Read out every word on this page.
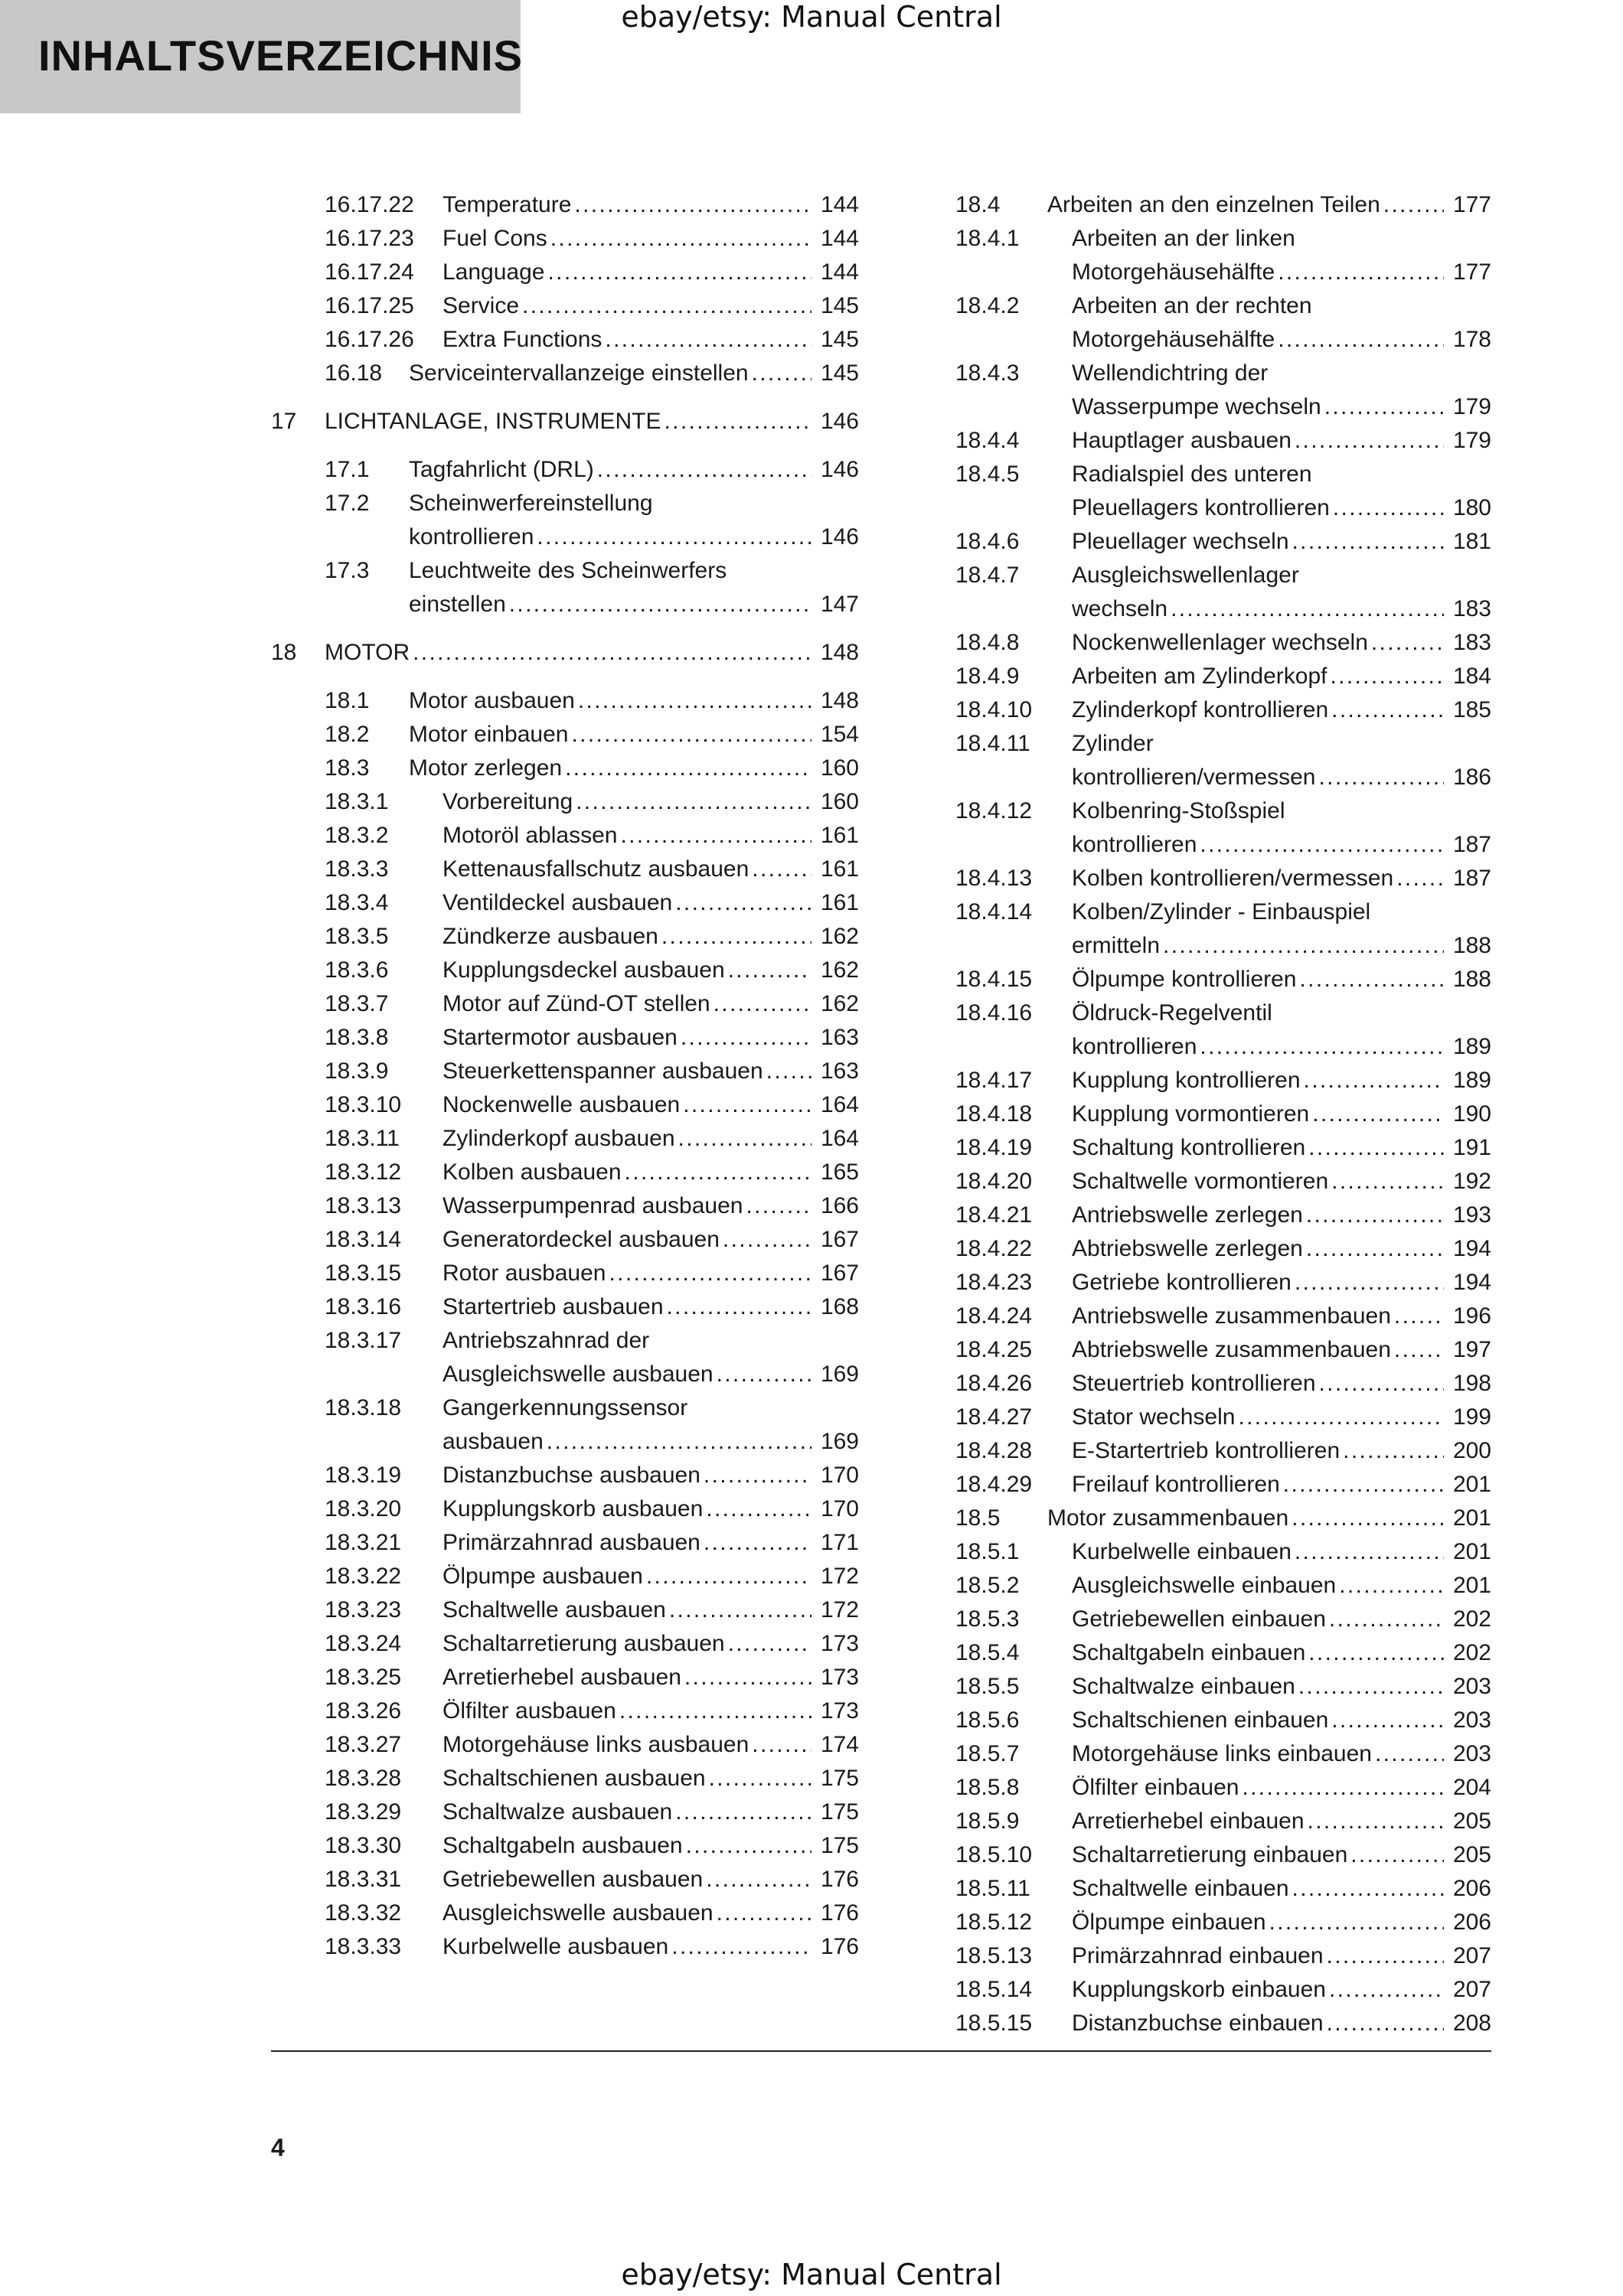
INHALTSVERZEICHNIS
ebay/etsy: Manual Central
16.17.22 Temperature . . .	144
16.17.23 Fuel Cons . . .	144
16.17.24 Language . . .	144
16.17.25 Service . . .	145
16.17.26 Extra Functions . . .	145
16.18 Serviceintervallanzeige einstellen . . .	145
17 LICHTANLAGE, INSTRUMENTE . . .	146
17.1 Tagfahrlicht (DRL) . . .	146
17.2 Scheinwerfereinstellung
kontrollieren . . .	146
17.3 Leuchtweite des Scheinwerfers
einstellen . . .	147
18 MOTOR . . .	148
18.1 Motor ausbauen . . .	148
18.2 Motor einbauen . . .	154
18.3 Motor zerlegen . . .	160
18.3.1 Vorbereitung . . .	160
18.3.2 Motoröl ablassen . . .	161
18.3.3 Kettenausfallschutz ausbauen . . .	161
18.3.4 Ventildeckel ausbauen . . .	161
18.3.5 Zündkerze ausbauen . . .	162
18.3.6 Kupplungsdeckel ausbauen . . .	162
18.3.7 Motor auf Zünd-OT stellen . . .	162
18.3.8 Startermotor ausbauen . . .	163
18.3.9 Steuerkettenspanner ausbauen . . .	163
18.3.10 Nockenwelle ausbauen . . .	164
18.3.11 Zylinderkopf ausbauen . . .	164
18.3.12 Kolben ausbauen . . .	165
18.3.13 Wasserpumpenrad ausbauen . . .	166
18.3.14 Generatordeckel ausbauen . . .	167
18.3.15 Rotor ausbauen . . .	167
18.3.16 Startertrieb ausbauen . . .	168
18.3.17 Antriebszahnrad der
Ausgleichswelle ausbauen . . .	169
18.3.18 Gangerkennungssensor
ausbauen . . .	169
18.3.19 Distanzbuchse ausbauen . . .	170
18.3.20 Kupplungskorb ausbauen . . .	170
18.3.21 Primärzahnrad ausbauen . . .	171
18.3.22 Ölpumpe ausbauen . . .	172
18.3.23 Schaltwelle ausbauen . . .	172
18.3.24 Schaltarretierung ausbauen . . .	173
18.3.25 Arretierhebel ausbauen . . .	173
18.3.26 Ölfilter ausbauen . . .	173
18.3.27 Motorgehäuse links ausbauen . . .	174
18.3.28 Schaltschienen ausbauen . . .	175
18.3.29 Schaltwalze ausbauen . . .	175
18.3.30 Schaltgabeln ausbauen . . .	175
18.3.31 Getriebewellen ausbauen . . .	176
18.3.32 Ausgleichswelle ausbauen . . .	176
18.3.33 Kurbelwelle ausbauen . . .	176
18.4 Arbeiten an den einzelnen Teilen . . .	177
18.4.1 Arbeiten an der linken
Motorgehäusehälfte . . .	177
18.4.2 Arbeiten an der rechten
Motorgehäusehälfte . . .	178
18.4.3 Wellendichtring der
Wasserpumpe wechseln . . .	179
18.4.4 Hauptlager ausbauen . . .	179
18.4.5 Radialspiel des unteren
Pleuellagers kontrollieren . . .	180
18.4.6 Pleuellager wechseln . . .	181
18.4.7 Ausgleichswellenlager
wechseln . . .	183
18.4.8 Nockenwellenlager wechseln . . .	183
18.4.9 Arbeiten am Zylinderkopf . . .	184
18.4.10 Zylinderkopf kontrollieren . . .	185
18.4.11 Zylinder
kontrollieren/vermessen . . .	186
18.4.12 Kolbenring-Stoßspiel
kontrollieren . . .	187
18.4.13 Kolben kontrollieren/vermessen . . .	187
18.4.14 Kolben/Zylinder - Einbauspiel
ermitteln . . .	188
18.4.15 Ölpumpe kontrollieren . . .	188
18.4.16 Öldruck-Regelventil
kontrollieren . . .	189
18.4.17 Kupplung kontrollieren . . .	189
18.4.18 Kupplung vormontieren . . .	190
18.4.19 Schaltung kontrollieren . . .	191
18.4.20 Schaltwelle vormontieren . . .	192
18.4.21 Antriebswelle zerlegen . . .	193
18.4.22 Abtriebswelle zerlegen . . .	194
18.4.23 Getriebe kontrollieren . . .	194
18.4.24 Antriebswelle zusammenbauen . . .	196
18.4.25 Abtriebswelle zusammenbauen . . .	197
18.4.26 Steuertrieb kontrollieren . . .	198
18.4.27 Stator wechseln . . .	199
18.4.28 E-Startertrieb kontrollieren . . .	200
18.4.29 Freilauf kontrollieren . . .	201
18.5 Motor zusammenbauen . . .	201
18.5.1 Kurbelwelle einbauen . . .	201
18.5.2 Ausgleichswelle einbauen . . .	201
18.5.3 Getriebewellen einbauen . . .	202
18.5.4 Schaltgabeln einbauen . . .	202
18.5.5 Schaltwalze einbauen . . .	203
18.5.6 Schaltschienen einbauen . . .	203
18.5.7 Motorgehäuse links einbauen . . .	203
18.5.8 Ölfilter einbauen . . .	204
18.5.9 Arretierhebel einbauen . . .	205
18.5.10 Schaltarretierung einbauen . . .	205
18.5.11 Schaltwelle einbauen . . .	206
18.5.12 Ölpumpe einbauen . . .	206
18.5.13 Primärzahnrad einbauen . . .	207
18.5.14 Kupplungskorb einbauen . . .	207
18.5.15 Distanzbuchse einbauen . . .	208
4
ebay/etsy: Manual Central
